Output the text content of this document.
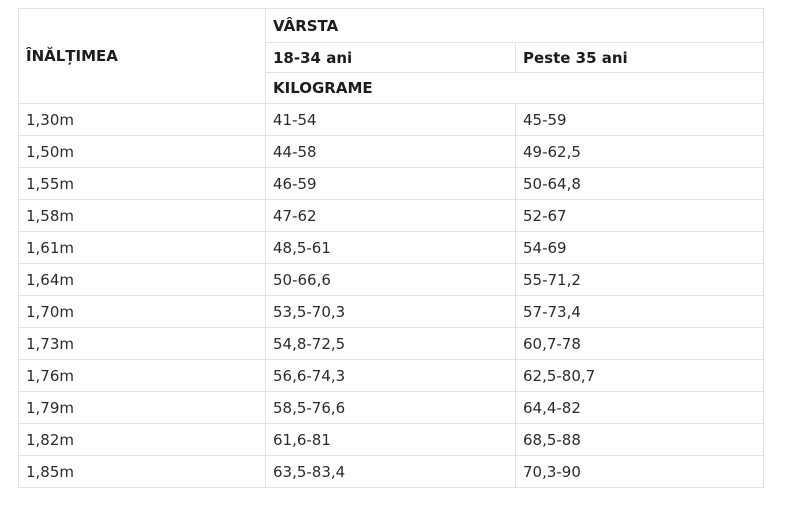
ÎNĂLȚIMEA	VÂRSTA	
	18-34 ani	Peste 35 ani
	KILOGRAME	
1,30m	41-54	45-59
1,50m	44-58	49-62,5
1,55m	46-59	50-64,8
1,58m	47-62	52-67
1,61m	48,5-61	54-69
1,64m	50-66,6	55-71,2
1,70m	53,5-70,3	57-73,4
1,73m	54,8-72,5	60,7-78
1,76m	56,6-74,3	62,5-80,7
1,79m	58,5-76,6	64,4-82
1,82m	61,6-81	68,5-88
1,85m	63,5-83,4	70,3-90
